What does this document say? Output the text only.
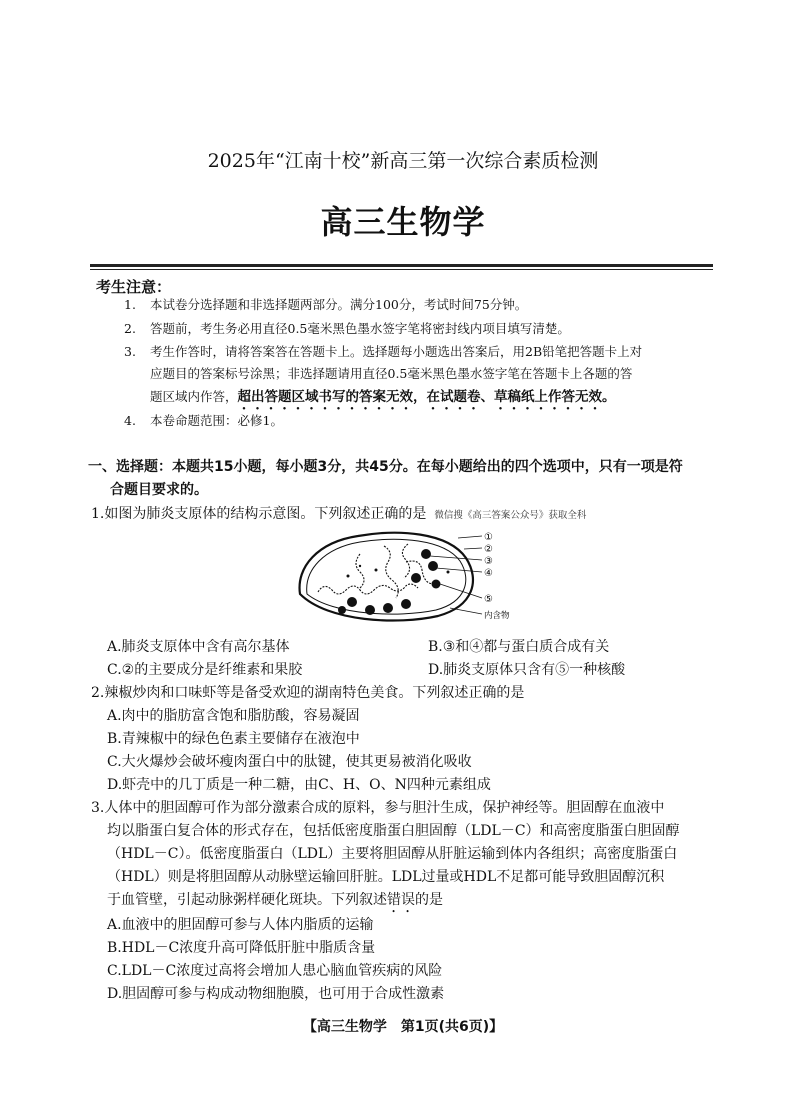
2025年“江南十校”新高三第一次综合素质检测
高三生物学
考生注意：
1. 本试卷分选择题和非选择题两部分。满分100分，考试时间75分钟。
2. 答题前，考生务必用直径0.5毫米黑色墨水签字笔将密封线内项目填写清楚。
3. 考生作答时，请将答案答在答题卡上。选择题每小题选出答案后，用2B铅笔把答题卡上对
应题目的答案标号涂黑；非选择题请用直径0.5毫米黑色墨水签字笔在答题卡上各题的答
题区域内作答，超出答题区域书写的答案无效，在试题卷、草稿纸上作答无效。
4. 本卷命题范围：必修1。
一、选择题：本题共15小题，每小题3分，共45分。在每小题给出的四个选项中，只有一项是符
合题目要求的。
1.如图为肺炎支原体的结构示意图。下列叙述正确的是 微信搜《高三答案公众号》获取全科
①
②
③
④
⑤
内含物
A.肺炎支原体中含有高尔基体	B.③和④都与蛋白质合成有关
C.②的主要成分是纤维素和果胶	D.肺炎支原体只含有⑤一种核酸
2.辣椒炒肉和口味虾等是备受欢迎的湖南特色美食。下列叙述正确的是
A.肉中的脂肪富含饱和脂肪酸，容易凝固
B.青辣椒中的绿色色素主要储存在液泡中
C.大火爆炒会破坏瘦肉蛋白中的肽键，使其更易被消化吸收
D.虾壳中的几丁质是一种二糖，由C、H、O、N四种元素组成
3.人体中的胆固醇可作为部分激素合成的原料，参与胆汁生成，保护神经等。胆固醇在血液中
均以脂蛋白复合体的形式存在，包括低密度脂蛋白胆固醇（LDL－C）和高密度脂蛋白胆固醇
（HDL－C）。低密度脂蛋白（LDL）主要将胆固醇从肝脏运输到体内各组织；高密度脂蛋白
（HDL）则是将胆固醇从动脉壁运输回肝脏。LDL过量或HDL不足都可能导致胆固醇沉积
于血管壁，引起动脉粥样硬化斑块。下列叙述错误的是
A.血液中的胆固醇可参与人体内脂质的运输
B.HDL－C浓度升高可降低肝脏中脂质含量
C.LDL－C浓度过高将会增加人患心脑血管疾病的风险
D.胆固醇可参与构成动物细胞膜，也可用于合成性激素
【高三生物学　第1页(共6页)】
